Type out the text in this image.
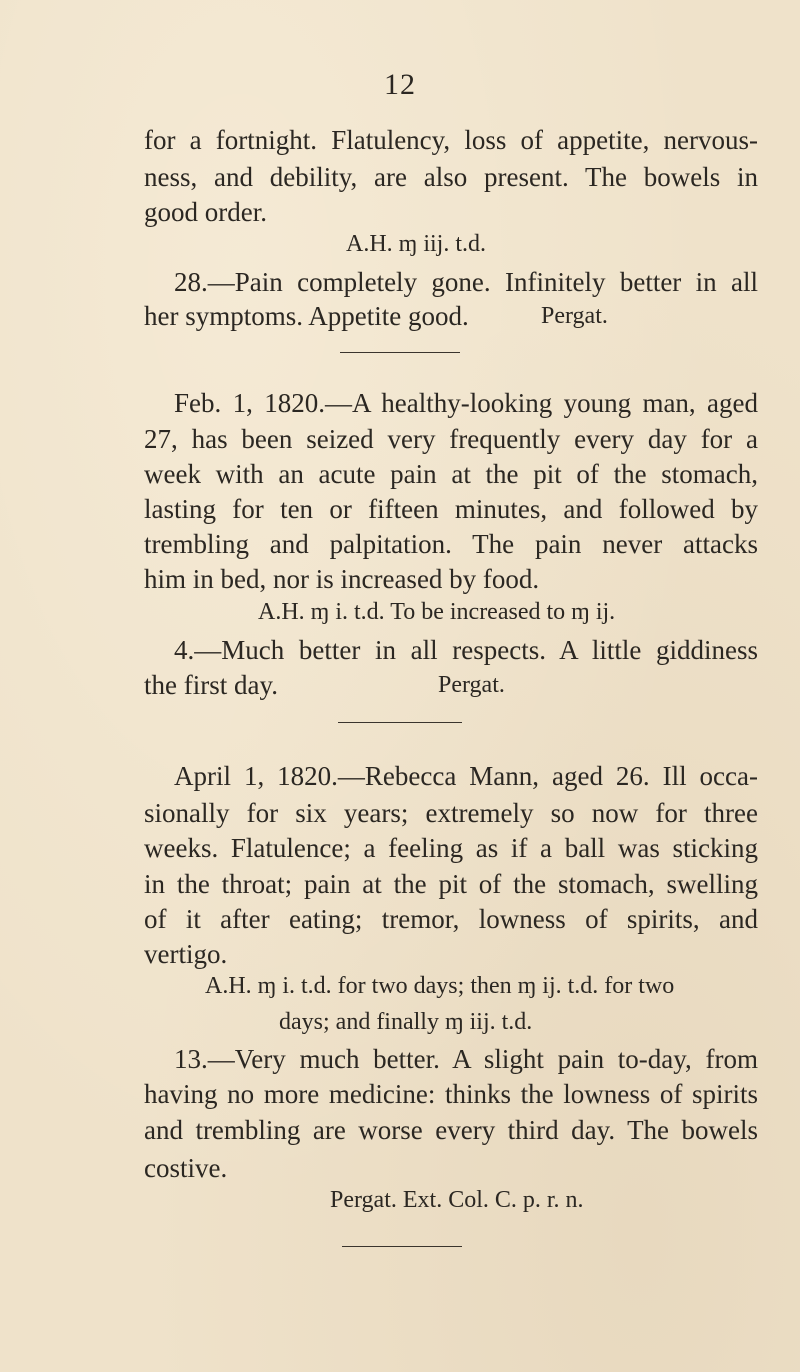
12
for a fortnight. Flatulency, loss of appetite, nervous-
ness, and debility, are also present. The bowels in
good order.
A.H. ɱ iij. t.d.
28.—Pain completely gone. Infinitely better in all
her symptoms. Appetite good.	Pergat.
Feb. 1, 1820.—A healthy-looking young man, aged
27, has been seized very frequently every day for a
week with an acute pain at the pit of the stomach,
lasting for ten or fifteen minutes, and followed by
trembling and palpitation. The pain never attacks
him in bed, nor is increased by food.
A.H. ɱ i. t.d. To be increased to ɱ ij.
4.—Much better in all respects. A little giddiness
the first day.	Pergat.
April 1, 1820.—Rebecca Mann, aged 26. Ill occa-
sionally for six years; extremely so now for three
weeks. Flatulence; a feeling as if a ball was sticking
in the throat; pain at the pit of the stomach, swelling
of it after eating; tremor, lowness of spirits, and
vertigo.
A.H. ɱ i. t.d. for two days; then ɱ ij. t.d. for two
days; and finally ɱ iij. t.d.
13.—Very much better. A slight pain to-day, from
having no more medicine: thinks the lowness of spirits
and trembling are worse every third day. The bowels
costive.
Pergat. Ext. Col. C. p. r. n.
